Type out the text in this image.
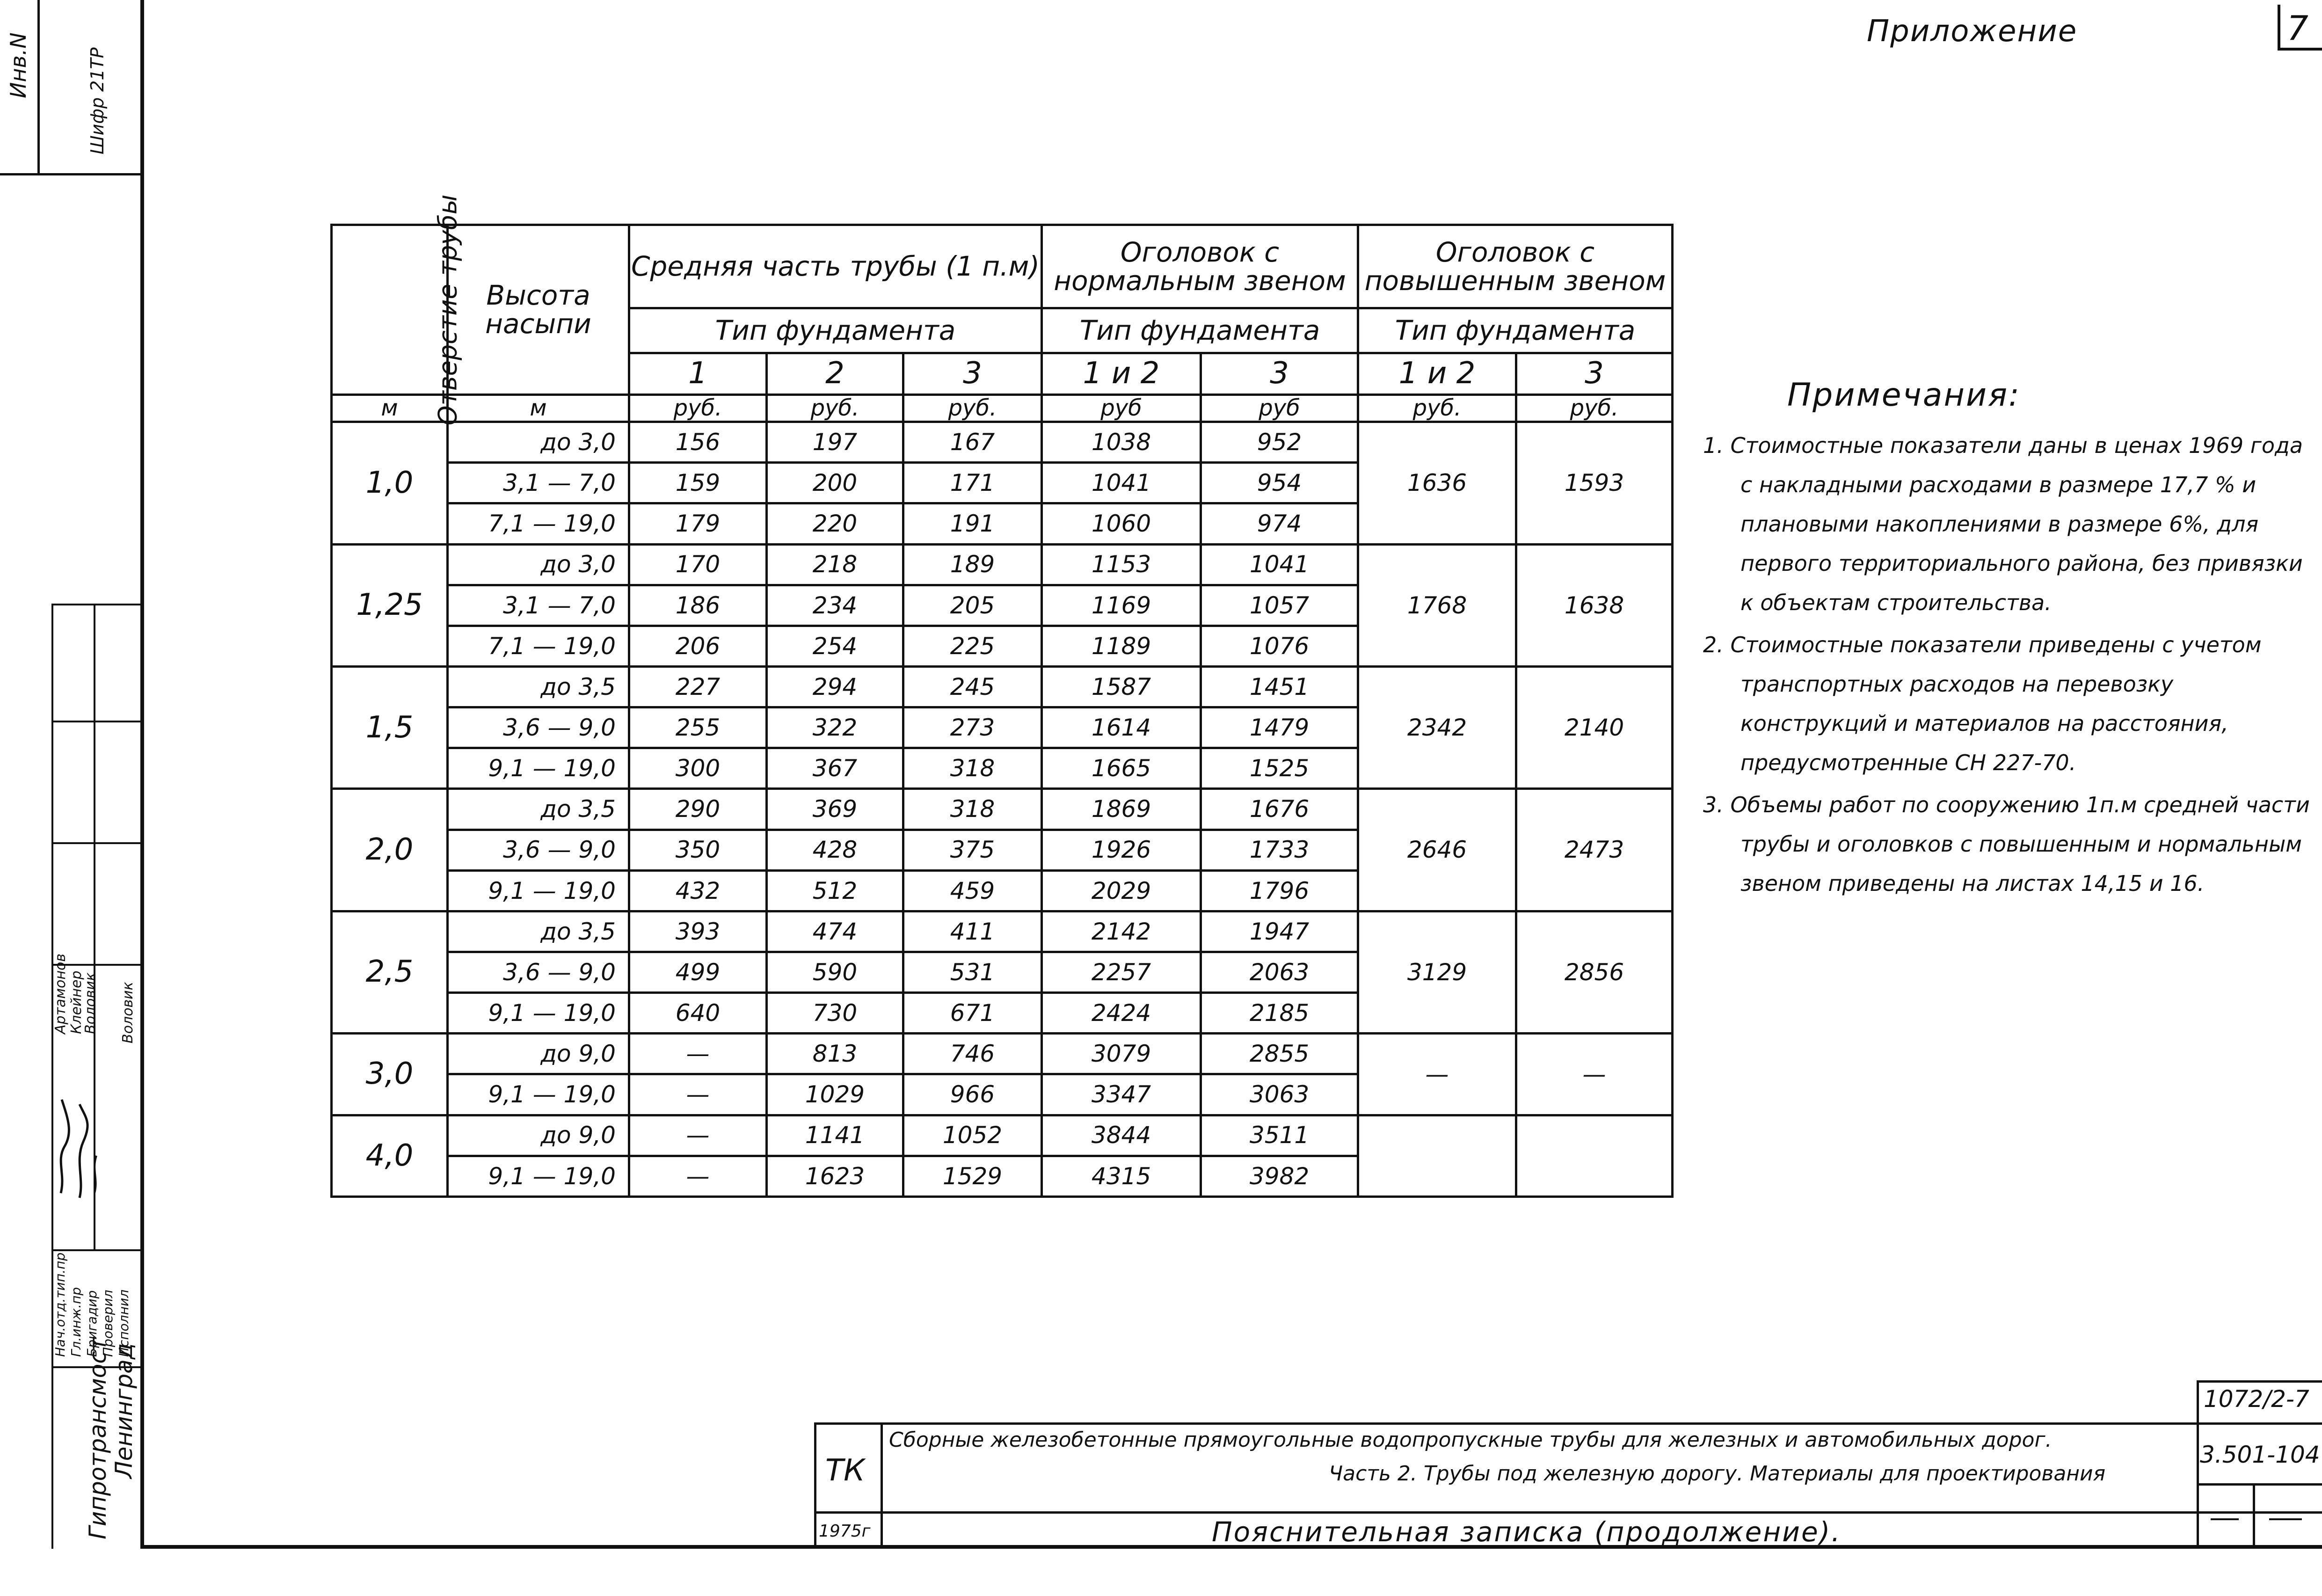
Приложение	7
Отверстие трубы	Высота насыпи	Средняя часть трубы (1 п.м)			Оголовок с нормальным звеном		Оголовок с повышенным звеном	
		Тип фундамента			Тип фундамента		Тип фундамента	
		1	2	3	1 и 2	3	1 и 2	3
м	м	руб.	руб.	руб.	руб	руб	руб.	руб.
1,0	до 3,0	156	197	167	1038	952	1636	1593
	3,1 — 7,0	159	200	171	1041	954		
	7,1 — 19,0	179	220	191	1060	974		
1,25	до 3,0	170	218	189	1153	1041	1768	1638
	3,1 — 7,0	186	234	205	1169	1057		
	7,1 — 19,0	206	254	225	1189	1076		
1,5	до 3,5	227	294	245	1587	1451	2342	2140
	3,6 — 9,0	255	322	273	1614	1479		
	9,1 — 19,0	300	367	318	1665	1525		
2,0	до 3,5	290	369	318	1869	1676	2646	2473
	3,6 — 9,0	350	428	375	1926	1733		
	9,1 — 19,0	432	512	459	2029	1796		
2,5	до 3,5	393	474	411	2142	1947	3129	2856
	3,6 — 9,0	499	590	531	2257	2063		
	9,1 — 19,0	640	730	671	2424	2185		
3,0	до 9,0	—	813	746	3079	2855	—	—
	9,1 — 19,0	—	1029	966	3347	3063		
4,0	до 9,0	—	1141	1052	3844	3511		
	9,1 — 19,0	—	1623	1529	4315	3982		
Примечания:

1. Стоимостные показатели даны в ценах 1969 года с накладными расходами в размере 17,7 % и плановыми накоплениями в размере 6%, для первого территориального района, без привязки к объектам строительства.

2. Стоимостные показатели приведены с учетом транспортных расходов на перевозку конструкций и материалов на расстояния, предусмотренные СН 227-70.

3. Объемы работ по сооружению 1п.м средней части трубы и оголовков с повышенным и нормальным звеном приведены на листах 14,15 и 16.

1072/2-7
ТК
1975г
Сборные железобетонные прямоугольные водопропускные трубы для железных и автомобильных дорог.
Часть 2. Трубы под железную дорогу. Материалы для проектирования
Пояснительная записка (продолжение).
3.501-104
Инв.N	Шифр 21ТР
Артамонов Клейнер
Воловик Воловик
Нач.отд.тип.пр Гл.инж.пр Бригадир Проверил Исполнил
Гипротрансмост
Ленинград
